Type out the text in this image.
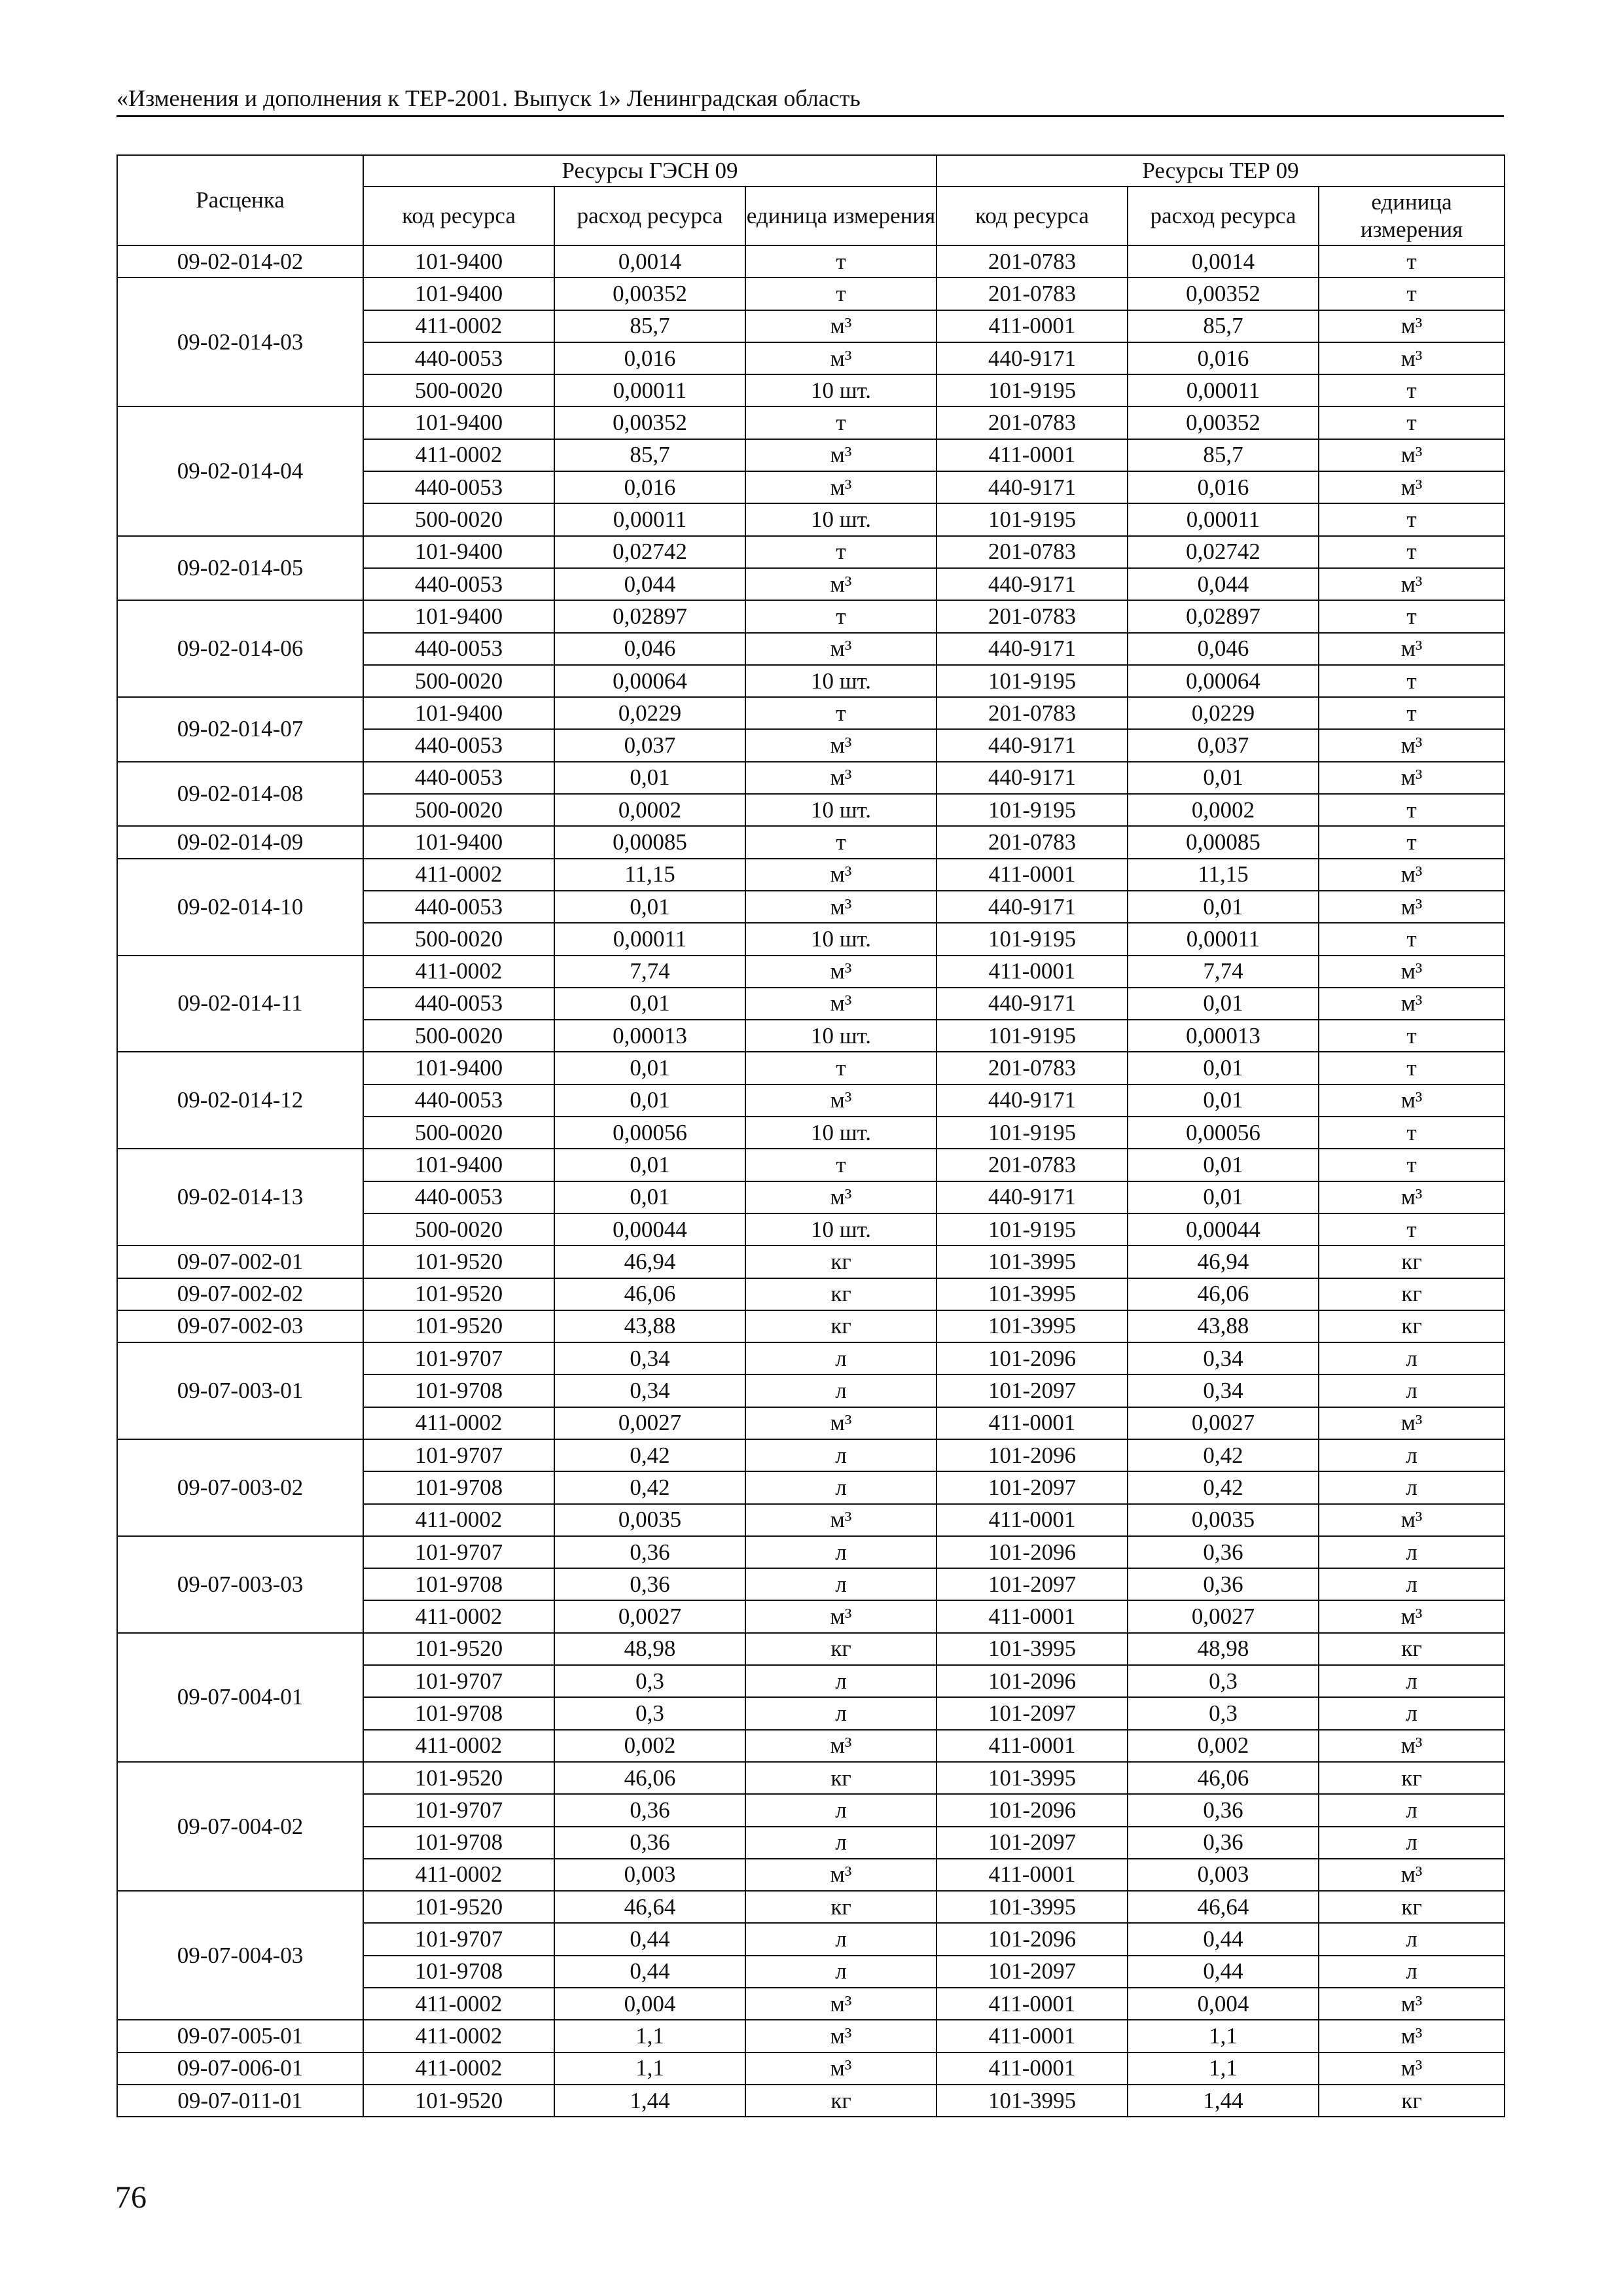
«Изменения и дополнения к ТЕР-2001. Выпуск 1» Ленинградская область
Расценка	Ресурсы ГЭСН 09			Ресурсы ТЕР 09		
	код ресурса	расход ресурса	единица измерения	код ресурса	расход ресурса	единица измерения
09-02-014-02	101-9400	0,0014	т	201-0783	0,0014	т
09-02-014-03	101-9400	0,00352	т	201-0783	0,00352	т
	411-0002	85,7	м³	411-0001	85,7	м³
	440-0053	0,016	м³	440-9171	0,016	м³
	500-0020	0,00011	10 шт.	101-9195	0,00011	т
09-02-014-04	101-9400	0,00352	т	201-0783	0,00352	т
	411-0002	85,7	м³	411-0001	85,7	м³
	440-0053	0,016	м³	440-9171	0,016	м³
	500-0020	0,00011	10 шт.	101-9195	0,00011	т
09-02-014-05	101-9400	0,02742	т	201-0783	0,02742	т
	440-0053	0,044	м³	440-9171	0,044	м³
09-02-014-06	101-9400	0,02897	т	201-0783	0,02897	т
	440-0053	0,046	м³	440-9171	0,046	м³
	500-0020	0,00064	10 шт.	101-9195	0,00064	т
09-02-014-07	101-9400	0,0229	т	201-0783	0,0229	т
	440-0053	0,037	м³	440-9171	0,037	м³
09-02-014-08	440-0053	0,01	м³	440-9171	0,01	м³
	500-0020	0,0002	10 шт.	101-9195	0,0002	т
09-02-014-09	101-9400	0,00085	т	201-0783	0,00085	т
09-02-014-10	411-0002	11,15	м³	411-0001	11,15	м³
	440-0053	0,01	м³	440-9171	0,01	м³
	500-0020	0,00011	10 шт.	101-9195	0,00011	т
09-02-014-11	411-0002	7,74	м³	411-0001	7,74	м³
	440-0053	0,01	м³	440-9171	0,01	м³
	500-0020	0,00013	10 шт.	101-9195	0,00013	т
09-02-014-12	101-9400	0,01	т	201-0783	0,01	т
	440-0053	0,01	м³	440-9171	0,01	м³
	500-0020	0,00056	10 шт.	101-9195	0,00056	т
09-02-014-13	101-9400	0,01	т	201-0783	0,01	т
	440-0053	0,01	м³	440-9171	0,01	м³
	500-0020	0,00044	10 шт.	101-9195	0,00044	т
09-07-002-01	101-9520	46,94	кг	101-3995	46,94	кг
09-07-002-02	101-9520	46,06	кг	101-3995	46,06	кг
09-07-002-03	101-9520	43,88	кг	101-3995	43,88	кг
09-07-003-01	101-9707	0,34	л	101-2096	0,34	л
	101-9708	0,34	л	101-2097	0,34	л
	411-0002	0,0027	м³	411-0001	0,0027	м³
09-07-003-02	101-9707	0,42	л	101-2096	0,42	л
	101-9708	0,42	л	101-2097	0,42	л
	411-0002	0,0035	м³	411-0001	0,0035	м³
09-07-003-03	101-9707	0,36	л	101-2096	0,36	л
	101-9708	0,36	л	101-2097	0,36	л
	411-0002	0,0027	м³	411-0001	0,0027	м³
09-07-004-01	101-9520	48,98	кг	101-3995	48,98	кг
	101-9707	0,3	л	101-2096	0,3	л
	101-9708	0,3	л	101-2097	0,3	л
	411-0002	0,002	м³	411-0001	0,002	м³
09-07-004-02	101-9520	46,06	кг	101-3995	46,06	кг
	101-9707	0,36	л	101-2096	0,36	л
	101-9708	0,36	л	101-2097	0,36	л
	411-0002	0,003	м³	411-0001	0,003	м³
09-07-004-03	101-9520	46,64	кг	101-3995	46,64	кг
	101-9707	0,44	л	101-2096	0,44	л
	101-9708	0,44	л	101-2097	0,44	л
	411-0002	0,004	м³	411-0001	0,004	м³
09-07-005-01	411-0002	1,1	м³	411-0001	1,1	м³
09-07-006-01	411-0002	1,1	м³	411-0001	1,1	м³
09-07-011-01	101-9520	1,44	кг	101-3995	1,44	кг
76
